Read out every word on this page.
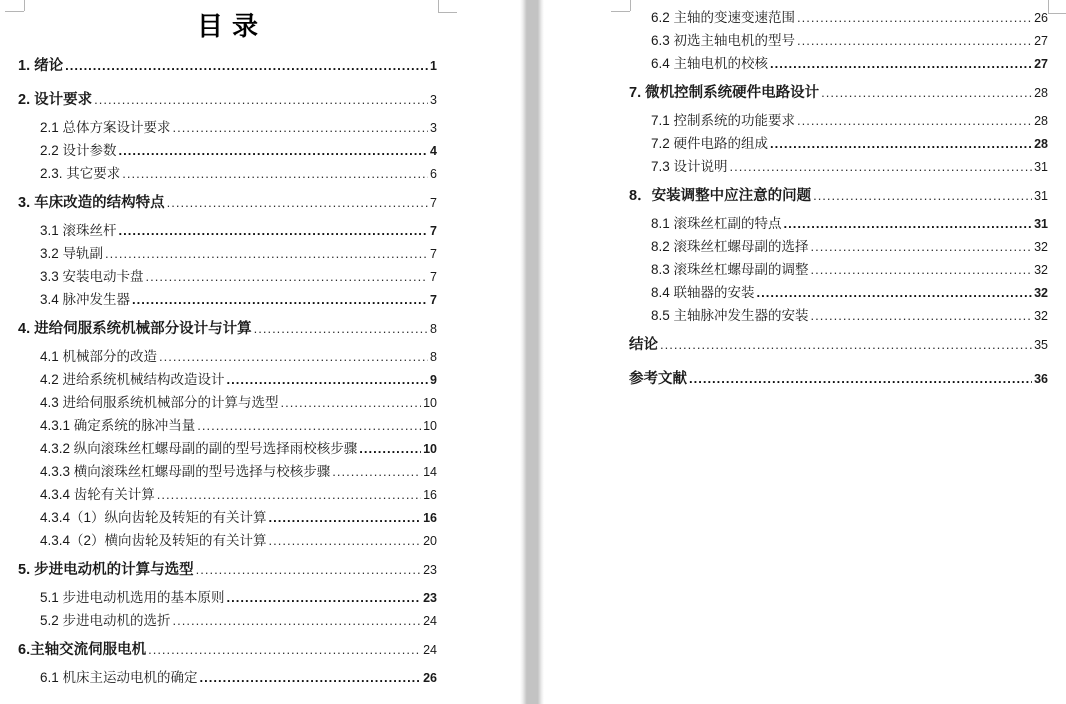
目录
1. 绪论 .....	1
2. 设计要求 .....	3
2.1 总体方案设计要求 .....	3
2.2 设计参数 .....	4
2.3. 其它要求 .....	6
3. 车床改造的结构特点 .....	7
3.1 滚珠丝杆 .....	7
3.2 导轨副 .....	7
3.3 安装电动卡盘 .....	7
3.4 脉冲发生器 .....	7
4. 进给伺服系统机械部分设计与计算 .....	8
4.1 机械部分的改造 .....	8
4.2 进给系统机械结构改造设计 .....	9
4.3 进给伺服系统机械部分的计算与选型 .....	10
4.3.1 确定系统的脉冲当量 .....	10
4.3.2 纵向滚珠丝杠螺母副的副的型号选择雨校核步骤 .....	10
4.3.3 横向滚珠丝杠螺母副的型号选择与校核步骤 .....	14
4.3.4 齿轮有关计算 .....	16
4.3.4（1）纵向齿轮及转矩的有关计算 .....	16
4.3.4（2）横向齿轮及转矩的有关计算 .....	20
5. 步进电动机的计算与选型 .....	23
5.1 步进电动机选用的基本原则 .....	23
5.2 步进电动机的选折 .....	24
6.主轴交流伺服电机 .....	24
6.1 机床主运动电机的确定 .....	26
6.2 主轴的变速变速范围 .....	26
6.3 初选主轴电机的型号 .....	27
6.4 主轴电机的校核 .....	27
7. 微机控制系统硬件电路设计 .....	28
7.1 控制系统的功能要求 .....	28
7.2 硬件电路的组成 .....	28
7.3 设计说明 .....	31
8．安装调整中应注意的问题 .....	31
8.1 滚珠丝杠副的特点 .....	31
8.2 滚珠丝杠螺母副的选择 .....	32
8.3 滚珠丝杠螺母副的调整 .....	32
8.4 联轴器的安装 .....	32
8.5 主轴脉冲发生器的安装 .....	32
结论 .....	35
参考文献 .....	36
